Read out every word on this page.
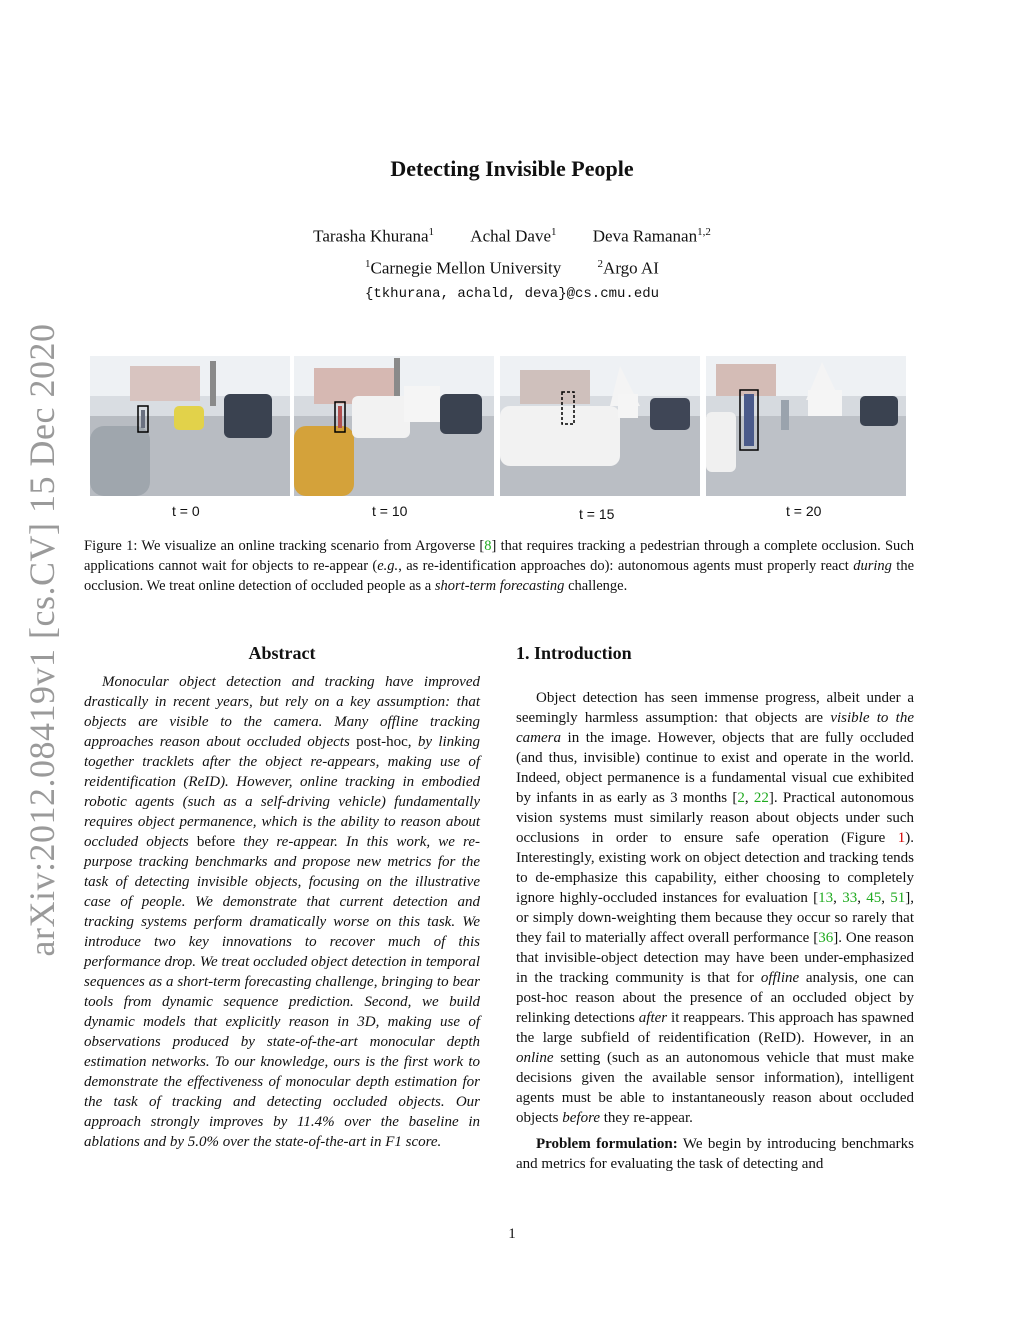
arXiv:2012.08419v1 [cs.CV] 15 Dec 2020
Detecting Invisible People
Tarasha Khurana$^1$ Achal Dave$^1$ Deva Ramanan$^{1,2}$
$^1$Carnegie Mellon University	$^2$Argo AI
{tkhurana, achald, deva}@cs.cmu.edu
t = 0	t = 10	t = 15	t = 20
Figure 1: We visualize an online tracking scenario from Argoverse [8] that requires tracking a pedestrian through a complete occlusion. Such applications cannot wait for objects to re-appear (e.g., as re-identification approaches do): autonomous agents must properly react during the occlusion. We treat online detection of occluded people as a short-term forecasting challenge.
Abstract
Monocular object detection and tracking have improved drastically in recent years, but rely on a key assumption: that objects are visible to the camera. Many offline tracking approaches reason about occluded objects post-hoc, by linking together tracklets after the object re-appears, making use of reidentification (ReID). However, online tracking in embodied robotic agents (such as a self-driving vehicle) fundamentally requires object permanence, which is the ability to reason about occluded objects before they re-appear. In this work, we re-purpose tracking benchmarks and propose new metrics for the task of detecting invisible objects, focusing on the illustrative case of people. We demonstrate that current detection and tracking systems perform dramatically worse on this task. We introduce two key innovations to recover much of this performance drop. We treat occluded object detection in temporal sequences as a short-term forecasting challenge, bringing to bear tools from dynamic sequence prediction. Second, we build dynamic models that explicitly reason in 3D, making use of observations produced by state-of-the-art monocular depth estimation networks. To our knowledge, ours is the first work to demonstrate the effectiveness of monocular depth estimation for the task of tracking and detecting occluded objects. Our approach strongly improves by 11.4% over the baseline in ablations and by 5.0% over the state-of-the-art in F1 score.
1. Introduction
Object detection has seen immense progress, albeit under a seemingly harmless assumption: that objects are visible to the camera in the image. However, objects that are fully occluded (and thus, invisible) continue to exist and operate in the world. Indeed, object permanence is a fundamental visual cue exhibited by infants in as early as 3 months [2, 22]. Practical autonomous vision systems must similarly reason about objects under such occlusions in order to ensure safe operation (Figure 1). Interestingly, existing work on object detection and tracking tends to de-emphasize this capability, either choosing to completely ignore highly-occluded instances for evaluation [13, 33, 45, 51], or simply down-weighting them because they occur so rarely that they fail to materially affect overall performance [36]. One reason that invisible-object detection may have been under-emphasized in the tracking community is that for offline analysis, one can post-hoc reason about the presence of an occluded object by relinking detections after it reappears. This approach has spawned the large subfield of reidentification (ReID). However, in an online setting (such as an autonomous vehicle that must make decisions given the available sensor information), intelligent agents must be able to instantaneously reason about occluded objects before they re-appear.
Problem formulation: We begin by introducing benchmarks and metrics for evaluating the task of detecting and
1
